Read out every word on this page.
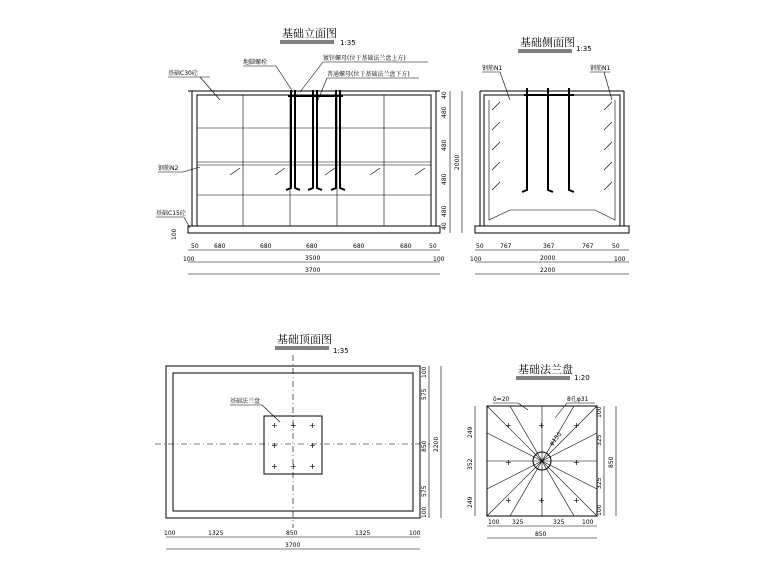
基础立面图
1:35
基础C30砼
地脚螺栓
镀锌螺母(位于基础法兰盘上方)
普通螺母(位于基础法兰盘下方)
钢筋N2
基础C15砼
40
480
480
480
480
40
2000
100
50	680	680	680	680	680	50
100	3500	100
3700
基础侧面图 1:35
钢筋N1	钢筋N1
50	767	367	767	50
100	2000	100
2200
基础顶面图
1:35
+ + +
+	+
+ + +
基础法兰盘
100
575
850
575
100
2200
100	1325	850	1325	100
3700
基础法兰盘
1:20
+	+	+
+	+
+	+	+
δ=20	8孔φ31
φ150
249
352
249
100
325
325
100
850
100 325	325	100
850
